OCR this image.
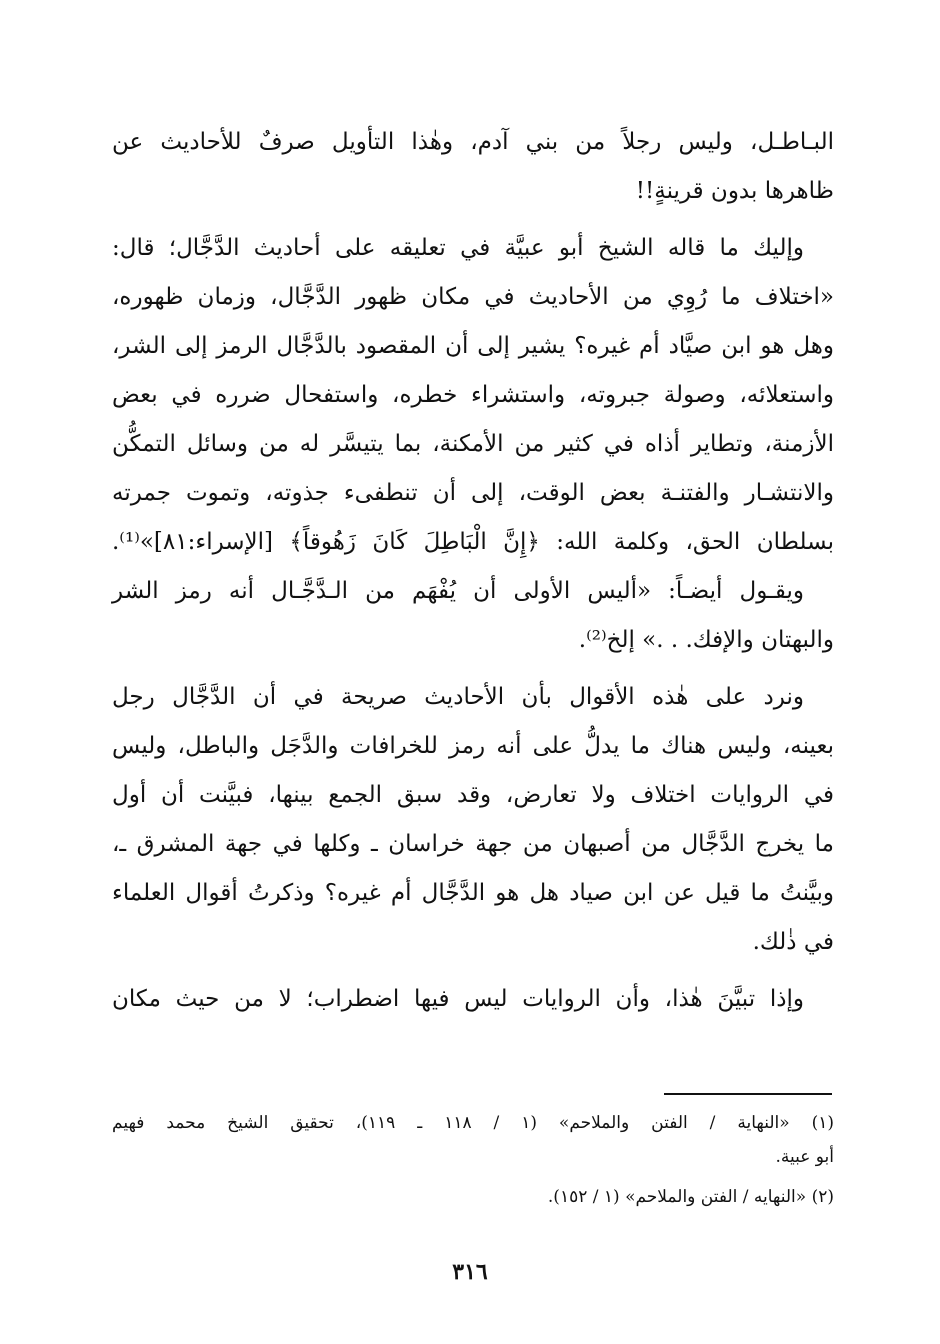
البـاطـل، وليس رجلاً من بني آدم، وهٰذا التأويل صرفٌ للأحاديث عن
ظاهرها بدون قرينةٍ!!
وإليك ما قاله الشيخ أبو عبيَّة في تعليقه على أحاديث الدَّجَّال؛ قال:
«اختلاف ما رُوِي من الأحاديث في مكان ظهور الدَّجَّال، وزمان ظهوره،
وهل هو ابن صيَّاد أم غيره؟ يشير إلى أن المقصود بالدَّجَّال الرمز إلى الشر،
واستعلائه، وصولة جبروته، واستشراء خطره، واستفحال ضرره في بعض
الأزمنة، وتطاير أذاه في كثير من الأمكنة، بما يتيسَّر له من وسائل التمكُّن
والانتشـار والفتنـة بعض الوقت، إلى أن تنطفىء جذوته، وتموت جمرته
بسلطان الحق، وكلمة الله: ﴿إِنَّ الْبَاطِلَ كَانَ زَهُوقاً﴾ [الإسراء:٨١]»⁽¹⁾.
ويقـول أيضـاً: «أليس الأولى أن يُفْهَم من الـدَّجَّـال أنه رمز الشر
والبهتان والإفك. . .» إلخ⁽²⁾.
ونرد على هٰذه الأقوال بأن الأحاديث صريحة في أن الدَّجَّال رجل
بعينه، وليس هناك ما يدلُّ على أنه رمز للخرافات والدَّجَل والباطل، وليس
في الروايات اختلاف ولا تعارض، وقد سبق الجمع بينها، فبيَّنت أن أول
ما يخرج الدَّجَّال من أصبهان من جهة خراسان ـ وكلها في جهة المشرق ـ،
وبيَّنتُ ما قيل عن ابن صياد هل هو الدَّجَّال أم غيره؟ وذكرتُ أقوال العلماء
في ذٰلك.
وإذا تبيَّنَ هٰذا، وأن الروايات ليس فيها اضطراب؛ لا من حيث مكان
(١) «النهاية / الفتن والملاحم» (١ / ١١٨ ـ ١١٩)، تحقيق الشيخ محمد فهيم
أبو عبية.
(٢) «النهايه / الفتن والملاحم» (١ / ١٥٢).
٣١٦
